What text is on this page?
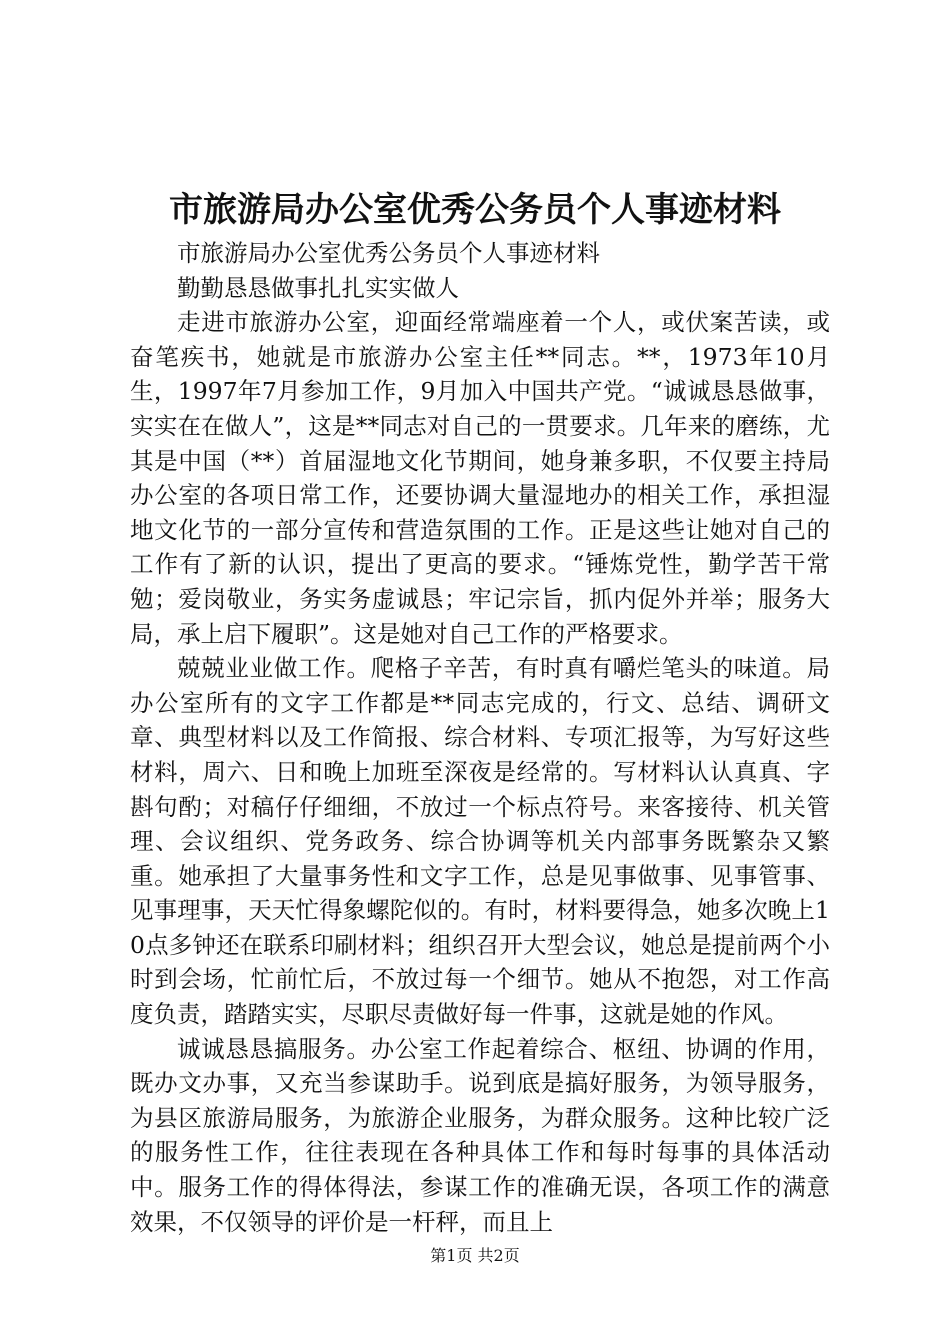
市旅游局办公室优秀公务员个人事迹材料

市旅游局办公室优秀公务员个人事迹材料

勤勤恳恳做事扎扎实实做人

走进市旅游办公室，迎面经常端座着一个人，或伏案苦读，或奋笔疾书，她就是市旅游办公室主任**同志。**，1973年10月生，1997年7月参加工作，9月加入中国共产党。“诚诚恳恳做事，实实在在做人”，这是**同志对自己的一贯要求。几年来的磨练，尤其是中国（**）首届湿地文化节期间，她身兼多职，不仅要主持局办公室的各项日常工作，还要协调大量湿地办的相关工作，承担湿地文化节的一部分宣传和营造氛围的工作。正是这些让她对自己的工作有了新的认识，提出了更高的要求。“锤炼党性，勤学苦干常勉；爱岗敬业，务实务虚诚恳；牢记宗旨，抓内促外并举；服务大局，承上启下履职”。这是她对自己工作的严格要求。

兢兢业业做工作。爬格子辛苦，有时真有嚼烂笔头的味道。局办公室所有的文字工作都是**同志完成的，行文、总结、调研文章、典型材料以及工作简报、综合材料、专项汇报等，为写好这些材料，周六、日和晚上加班至深夜是经常的。写材料认认真真、字斟句酌；对稿仔仔细细，不放过一个标点符号。来客接待、机关管理、会议组织、党务政务、综合协调等机关内部事务既繁杂又繁重。她承担了大量事务性和文字工作，总是见事做事、见事管事、见事理事，天天忙得象螺陀似的。有时，材料要得急，她多次晚上10点多钟还在联系印刷材料；组织召开大型会议，她总是提前两个小时到会场，忙前忙后，不放过每一个细节。她从不抱怨，对工作高度负责，踏踏实实，尽职尽责做好每一件事，这就是她的作风。

诚诚恳恳搞服务。办公室工作起着综合、枢纽、协调的作用，既办文办事，又充当参谋助手。说到底是搞好服务，为领导服务，为县区旅游局服务，为旅游企业服务，为群众服务。这种比较广泛的服务性工作，往往表现在各种具体工作和每时每事的具体活动中。服务工作的得体得法，参谋工作的准确无误，各项工作的满意效果，不仅领导的评价是一杆秤，而且上

第1页 共2页
